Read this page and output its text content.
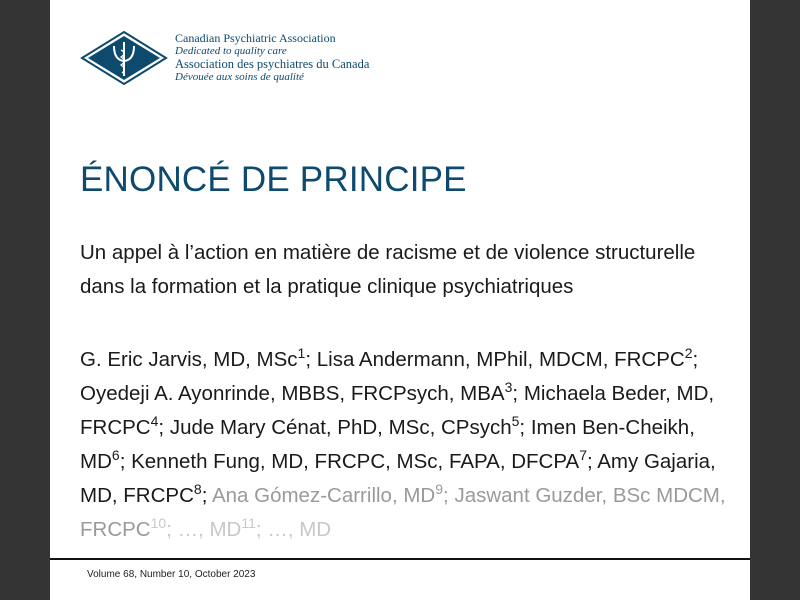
Canadian Psychiatric Association
Dedicated to quality care
Association des psychiatres du Canada
Dévouée aux soins de qualité
ÉNONCÉ DE PRINCIPE
Un appel à l’action en matière de racisme et de violence structurelle dans la formation et la pratique clinique psychiatriques
G. Eric Jarvis, MD, MSc$^1$; Lisa Andermann, MPhil, MDCM, FRCPC$^2$; Oyedeji A. Ayonrinde, MBBS, FRCPsych, MBA$^3$; Michaela Beder, MD, FRCPC$^4$; Jude Mary Cénat, PhD, MSc, CPsych$^5$; Imen Ben-Cheikh, $MD^6$; Kenneth Fung, MD, FRCPC, MSc, FAPA, DFCPA$^7$; Amy Gajaria, MD, FRCPC$^8$; Ana Gómez-Carrillo, $MD^9$; Jaswant Guzder, BSc MDCM, FRCPC$^{10}$; …, MD$^{11}$; …, MD
Volume 68, Number 10, October 2023
